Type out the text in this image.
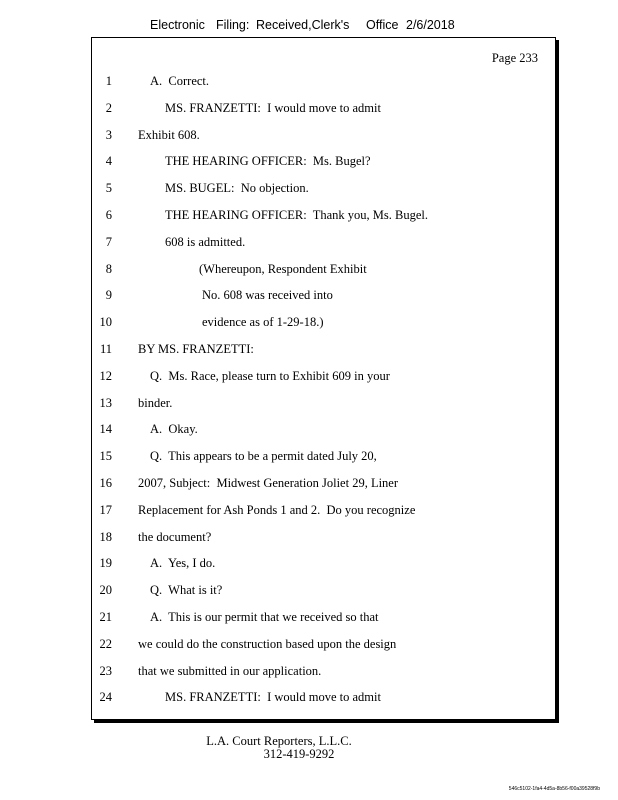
Electronic

Filing:

Received,Clerk's

Office

2/6/2018

Page 233
1	A.  Correct.
2	MS. FRANZETTI:  I would move to admit
3 Exhibit 608.
4	THE HEARING OFFICER:  Ms. Bugel?
5	MS. BUGEL:  No objection.
6	THE HEARING OFFICER:  Thank you, Ms. Bugel.
7	608 is admitted.
8	(Whereupon, Respondent Exhibit
9	No. 608 was received into
10	evidence as of 1-29-18.)
11 BY MS. FRANZETTI:
12	Q.  Ms. Race, please turn to Exhibit 609 in your
13 binder.
14	A.  Okay.
15	Q.  This appears to be a permit dated July 20,
16 2007, Subject:  Midwest Generation Joliet 29, Liner
17 Replacement for Ash Ponds 1 and 2.  Do you recognize
18 the document?
19	A.  Yes, I do.
20	Q.  What is it?
21	A.  This is our permit that we received so that
22 we could do the construction based upon the design
23 that we submitted in our application.
24	MS. FRANZETTI:  I would move to admit
L.A. Court Reporters, L.L.C.
312-419-9292
546c5102-1fa4-4d5a-8b56-f00a39528f9b
